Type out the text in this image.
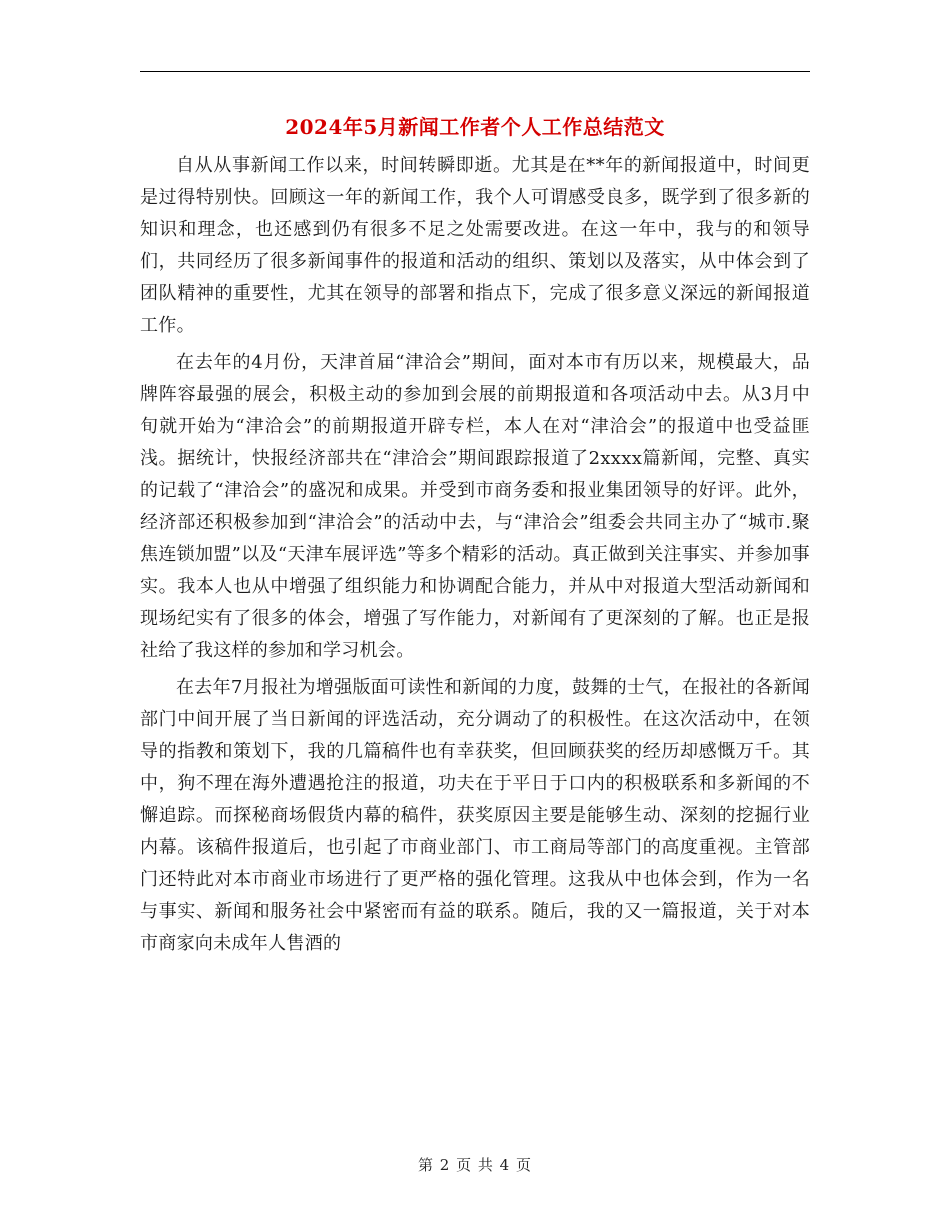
2024年5月新闻工作者个人工作总结范文

自从从事新闻工作以来，时间转瞬即逝。尤其是在**年的新闻报道中，时间更是过得特别快。回顾这一年的新闻工作，我个人可谓感受良多，既学到了很多新的知识和理念，也还感到仍有很多不足之处需要改进。在这一年中，我与的和领导们，共同经历了很多新闻事件的报道和活动的组织、策划以及落实，从中体会到了团队精神的重要性，尤其在领导的部署和指点下，完成了很多意义深远的新闻报道工作。

在去年的4月份，天津首届“津洽会”期间，面对本市有历以来，规模最大，品牌阵容最强的展会，积极主动的参加到会展的前期报道和各项活动中去。从3月中旬就开始为“津洽会”的前期报道开辟专栏，本人在对“津洽会”的报道中也受益匪浅。据统计，快报经济部共在“津洽会”期间跟踪报道了2xxxx篇新闻，完整、真实的记载了“津洽会”的盛况和成果。并受到市商务委和报业集团领导的好评。此外，经济部还积极参加到“津洽会”的活动中去，与“津洽会”组委会共同主办了“城市.聚焦连锁加盟”以及“天津车展评选”等多个精彩的活动。真正做到关注事实、并参加事实。我本人也从中增强了组织能力和协调配合能力，并从中对报道大型活动新闻和现场纪实有了很多的体会，增强了写作能力，对新闻有了更深刻的了解。也正是报社给了我这样的参加和学习机会。

在去年7月报社为增强版面可读性和新闻的力度，鼓舞的士气，在报社的各新闻部门中间开展了当日新闻的评选活动，充分调动了的积极性。在这次活动中，在领导的指教和策划下，我的几篇稿件也有幸获奖，但回顾获奖的经历却感慨万千。其中，狗不理在海外遭遇抢注的报道，功夫在于平日于口内的积极联系和多新闻的不懈追踪。而探秘商场假货内幕的稿件，获奖原因主要是能够生动、深刻的挖掘行业内幕。该稿件报道后，也引起了市商业部门、市工商局等部门的高度重视。主管部门还特此对本市商业市场进行了更严格的强化管理。这我从中也体会到，作为一名与事实、新闻和服务社会中紧密而有益的联系。随后，我的又一篇报道，关于对本市商家向未成年人售酒的

第 2 页 共 4 页
